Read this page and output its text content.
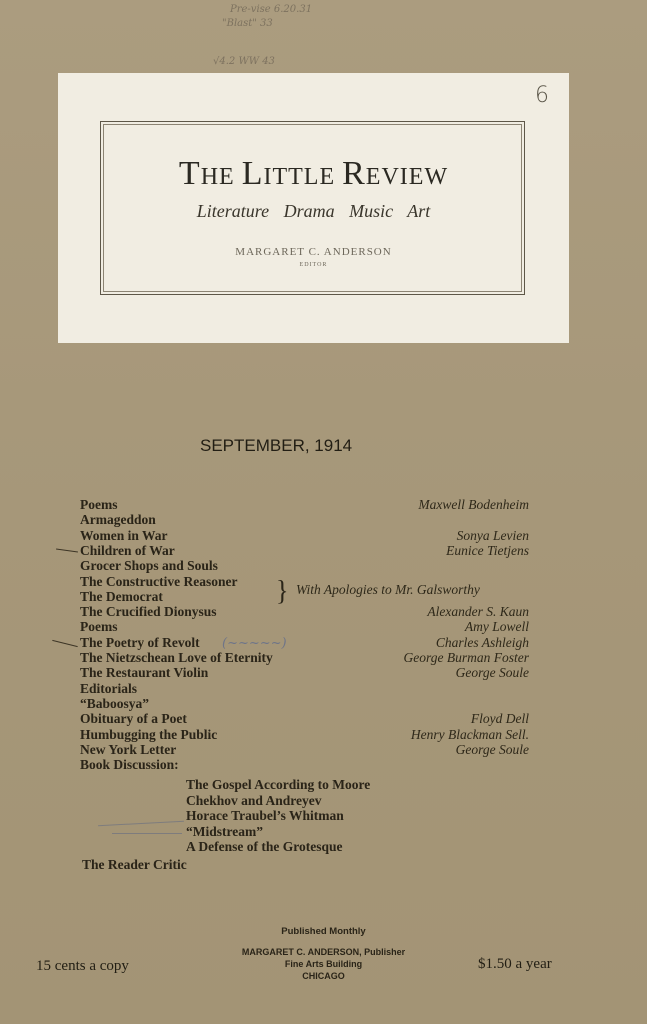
Pre-vise 6.20.31
"Blast" 33
√4.2 WW 43
6
THE LITTLE REVIEW
Literature Drama Music Art
MARGARET C. ANDERSON
EDITOR
SEPTEMBER, 1914
Poems	Maxwell Bodenheim
Armageddon
Women in War	Sonya Levien
Children of War	Eunice Tietjens
Grocer Shops and Souls
The Constructive Reasoner
The Democrat
The Crucified Dionysus	Alexander S. Kaun
Poems	Amy Lowell
The Poetry of Revolt	Charles Ashleigh
The Nietzschean Love of Eternity	George Burman Foster
The Restaurant Violin	George Soule
Editorials
“Baboosya”
Obituary of a Poet	Floyd Dell
Humbugging the Public	Henry Blackman Sell.
New York Letter	George Soule
Book Discussion:
} With Apologies to Mr. Galsworthy
(~~~~~)
The Gospel According to Moore
Chekhov and Andreyev
Horace Traubel’s Whitman
“Midstream”
A Defense of the Grotesque
The Reader Critic
Published Monthly
MARGARET C. ANDERSON, Publisher
Fine Arts Building
CHICAGO
15 cents a copy	$1.50 a year
